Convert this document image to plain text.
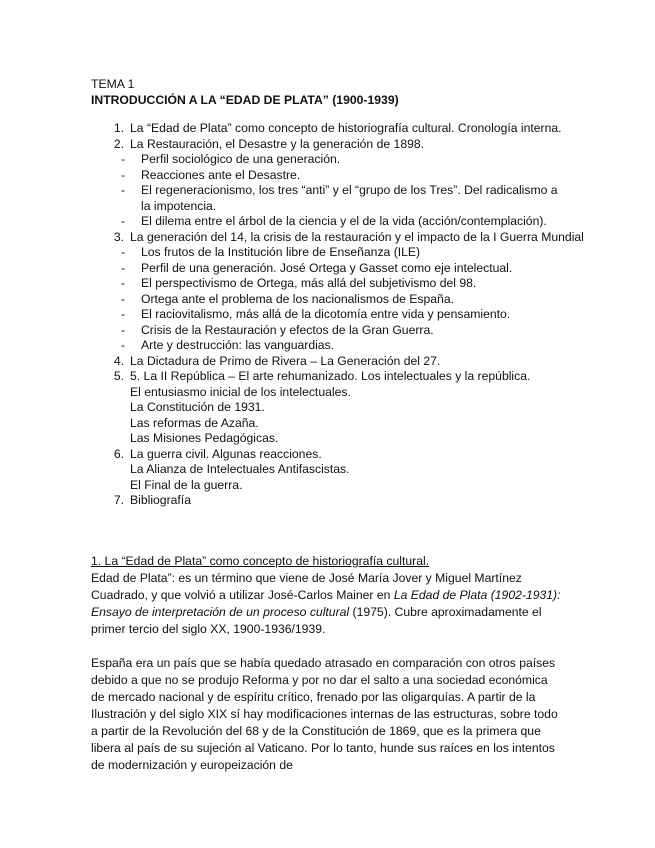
TEMA 1
INTRODUCCIÓN A LA “EDAD DE PLATA” (1900-1939)
1. La “Edad de Plata” como concepto de historiografía cultural. Cronología interna.
2. La Restauración, el Desastre y la generación de 1898.
- Perfil sociológico de una generación.
- Reacciones ante el Desastre.
- El regeneracionismo, los tres “anti” y el “grupo de los Tres”. Del radicalismo a la impotencia.
- El dilema entre el árbol de la ciencia y el de la vida (acción/contemplación).
3. La generación del 14, la crisis de la restauración y el impacto de la I Guerra Mundial
- Los frutos de la Institución libre de Enseñanza (ILE)
- Perfil de una generación. José Ortega y Gasset como eje intelectual.
- El perspectivismo de Ortega, más allá del subjetivismo del 98.
- Ortega ante el problema de los nacionalismos de España.
- El raciovitalismo, más allá de la dicotomía entre vida y pensamiento.
- Crisis de la Restauración y efectos de la Gran Guerra.
- Arte y destrucción: las vanguardias.
4. La Dictadura de Primo de Rivera – La Generación del 27.
5. 5. La II República – El arte rehumanizado. Los intelectuales y la república.
El entusiasmo inicial de los intelectuales.
La Constitución de 1931.
Las reformas de Azaña.
Las Misiones Pedagógicas.
6. La guerra civil. Algunas reacciones.
La Alianza de Intelectuales Antifascistas.
El Final de la guerra.
7. Bibliografía
1. La “Edad de Plata” como concepto de historiografía cultural.

Edad de Plata”: es un término que viene de José María Jover y Miguel Martínez Cuadrado, y que volvió a utilizar José-Carlos Mainer en La Edad de Plata (1902-1931): Ensayo de interpretación de un proceso cultural (1975). Cubre aproximadamente el primer tercio del siglo XX, 1900-1936/1939.

España era un país que se había quedado atrasado en comparación con otros países debido a que no se produjo Reforma y por no dar el salto a una sociedad económica de mercado nacional y de espíritu crítico, frenado por las oligarquías. A partir de la Ilustración y del siglo XIX sí hay modificaciones internas de las estructuras, sobre todo a partir de la Revolución del 68 y de la Constitución de 1869, que es la primera que libera al país de su sujeción al Vaticano. Por lo tanto, hunde sus raíces en los intentos de modernización y europeización de
